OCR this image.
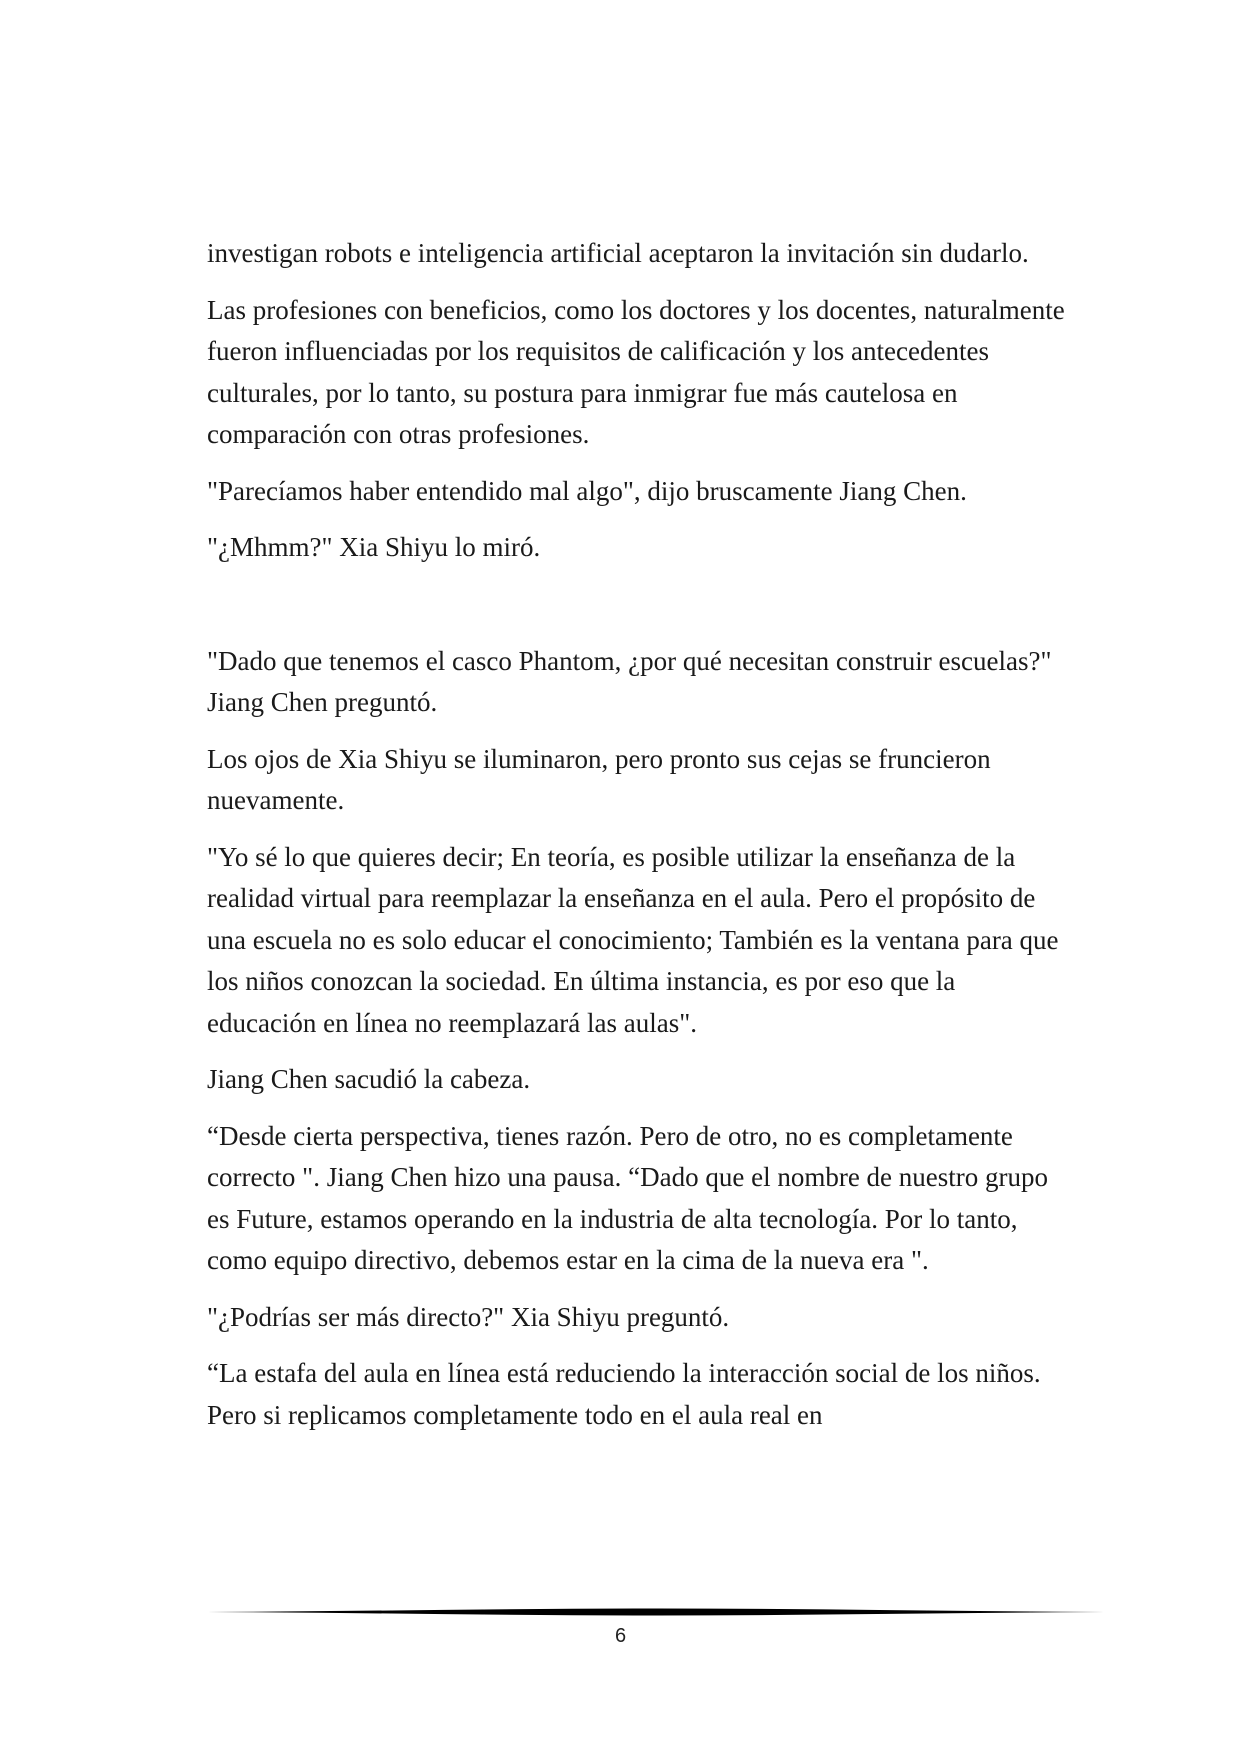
investigan robots e inteligencia artificial aceptaron la invitación sin dudarlo.

Las profesiones con beneficios, como los doctores y los docentes, naturalmente fueron influenciadas por los requisitos de calificación y los antecedentes culturales, por lo tanto, su postura para inmigrar fue más cautelosa en comparación con otras profesiones.

"Parecíamos haber entendido mal algo", dijo bruscamente Jiang Chen.

"¿Mhmm?" Xia Shiyu lo miró.

"Dado que tenemos el casco Phantom, ¿por qué necesitan construir escuelas?" Jiang Chen preguntó.

Los ojos de Xia Shiyu se iluminaron, pero pronto sus cejas se fruncieron nuevamente.

"Yo sé lo que quieres decir; En teoría, es posible utilizar la enseñanza de la realidad virtual para reemplazar la enseñanza en el aula. Pero el propósito de una escuela no es solo educar el conocimiento; También es la ventana para que los niños conozcan la sociedad. En última instancia, es por eso que la educación en línea no reemplazará las aulas".

Jiang Chen sacudió la cabeza.

“Desde cierta perspectiva, tienes razón. Pero de otro, no es completamente correcto ". Jiang Chen hizo una pausa. “Dado que el nombre de nuestro grupo es Future, estamos operando en la industria de alta tecnología. Por lo tanto, como equipo directivo, debemos estar en la cima de la nueva era ".

"¿Podrías ser más directo?" Xia Shiyu preguntó.

“La estafa del aula en línea está reduciendo la interacción social de los niños. Pero si replicamos completamente todo en el aula real en

6
